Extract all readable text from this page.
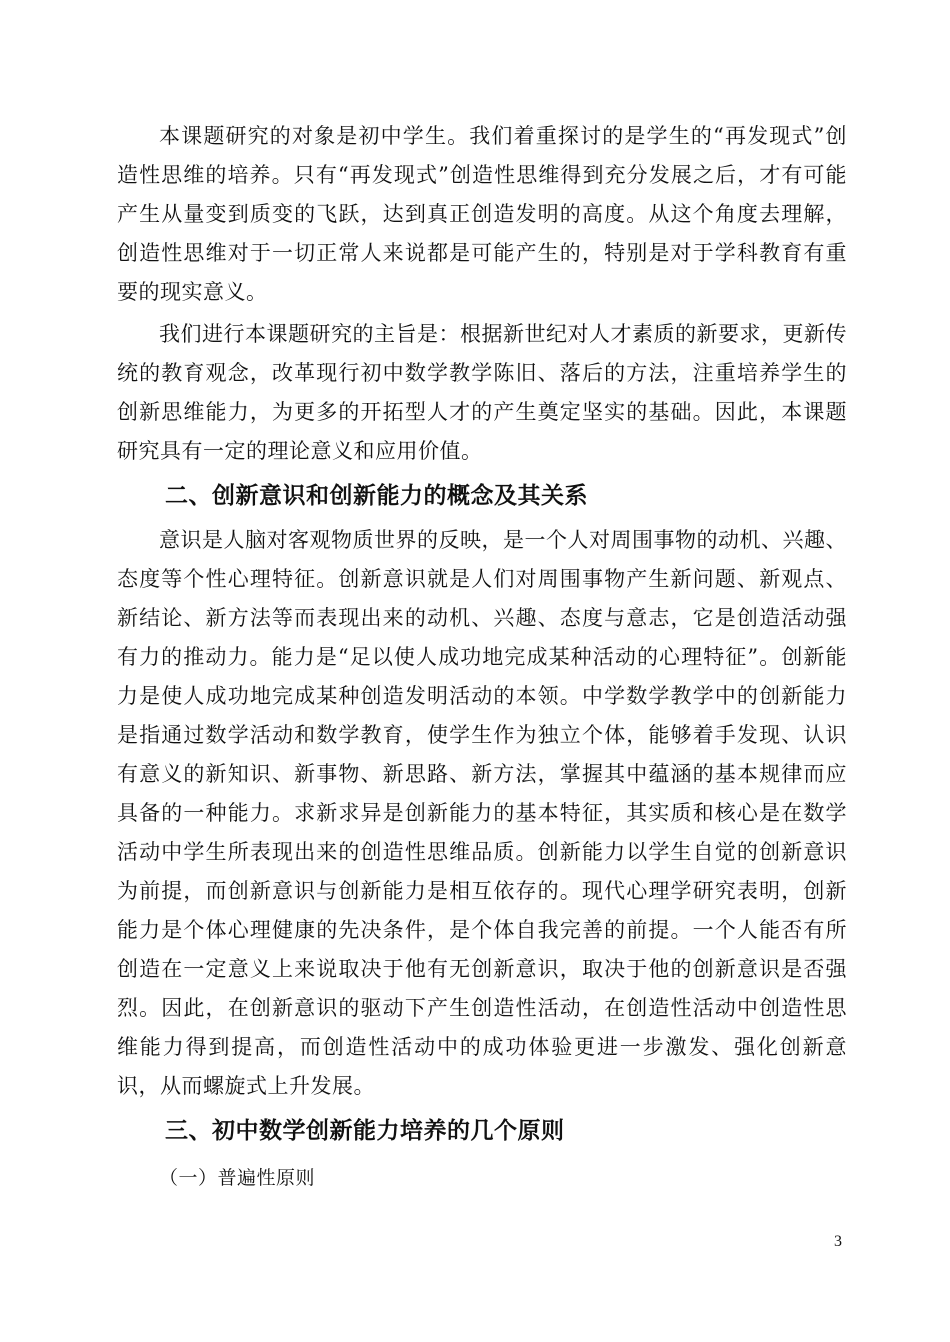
本课题研究的对象是初中学生。我们着重探讨的是学生的“再发现式”创造性思维的培养。只有“再发现式”创造性思维得到充分发展之后，才有可能产生从量变到质变的飞跃，达到真正创造发明的高度。从这个角度去理解，创造性思维对于一切正常人来说都是可能产生的，特别是对于学科教育有重要的现实意义。

我们进行本课题研究的主旨是：根据新世纪对人才素质的新要求，更新传统的教育观念，改革现行初中数学教学陈旧、落后的方法，注重培养学生的创新思维能力，为更多的开拓型人才的产生奠定坚实的基础。因此，本课题研究具有一定的理论意义和应用价值。

二、创新意识和创新能力的概念及其关系

意识是人脑对客观物质世界的反映，是一个人对周围事物的动机、兴趣、态度等个性心理特征。创新意识就是人们对周围事物产生新问题、新观点、新结论、新方法等而表现出来的动机、兴趣、态度与意志，它是创造活动强有力的推动力。能力是“足以使人成功地完成某种活动的心理特征”。创新能力是使人成功地完成某种创造发明活动的本领。中学数学教学中的创新能力是指通过数学活动和数学教育，使学生作为独立个体，能够着手发现、认识有意义的新知识、新事物、新思路、新方法，掌握其中蕴涵的基本规律而应具备的一种能力。求新求异是创新能力的基本特征，其实质和核心是在数学活动中学生所表现出来的创造性思维品质。创新能力以学生自觉的创新意识为前提，而创新意识与创新能力是相互依存的。现代心理学研究表明，创新能力是个体心理健康的先决条件，是个体自我完善的前提。一个人能否有所创造在一定意义上来说取决于他有无创新意识，取决于他的创新意识是否强烈。因此，在创新意识的驱动下产生创造性活动，在创造性活动中创造性思维能力得到提高，而创造性活动中的成功体验更进一步激发、强化创新意识，从而螺旋式上升发展。

三、初中数学创新能力培养的几个原则

（一）普遍性原则

3
